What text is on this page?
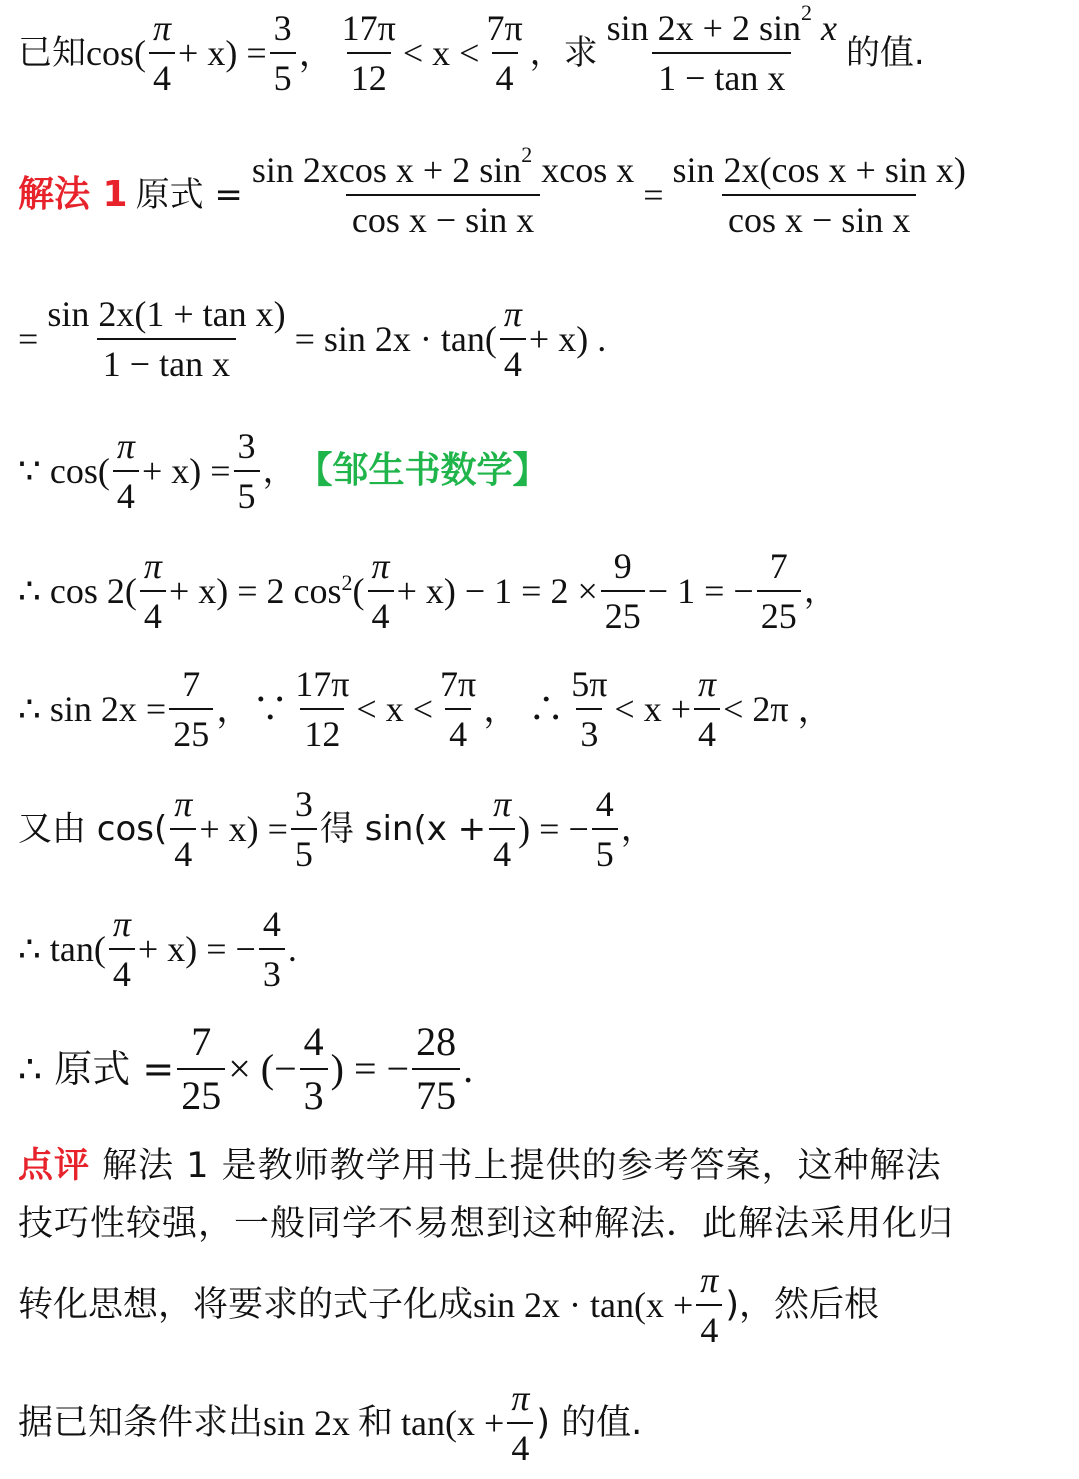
已知 $\cos( \frac{\pi}{4} + x) = \frac{3}{5}$ ， $\frac{17\pi}{12} < x < \frac{7\pi}{4}$ ，求 $\frac{\sin 2x + 2 \sin^2 x}{\text{1 − tan x}}$ 的值.
解法 1 原式 = $\frac{\sin 2xcos x + 2 \sin^2 xcos x}{\text{cos x − sin x}} = \frac{\text{sin 2x(cos x + sin x)}}{\text{cos x − sin x}}$
= $\frac{\text{sin 2x(1 + tan x)}}{\text{1 − tan x}} = \sin 2x \cdot \tan( \frac{\pi}{4} + x)$ .
∵ $\cos( \frac{\pi}{4} + x) = \frac{3}{5}$ ， 【邹生书数学】
∴ $\cos 2( \frac{\pi}{4} + x) = 2$ $\cos^2$ ( $\frac{\pi}{4} + x) - 1 = 2 \times \frac{9}{25} - 1$ = − $\frac{7}{25}$ ，
∴ $\sin 2x = \frac{7}{25}$ ，∵ $\frac{17\pi}{12} < x < \frac{7\pi}{4}$ ， ∴ $\frac{5\pi}{3} < x + \frac{\pi}{4} < 2\pi$ ，
又由 $\cos( \frac{\pi}{4} + x) = \frac{3}{5}$ 得 $\sin(x + \frac{\pi}{4}$ ) = − $\frac{4}{5}$ ，
∴ $\tan( \frac{\pi}{4} + x)$ = − $\frac{4}{3}$ .
∴ 原式 = $\frac{7}{25}$ × (− $\frac{4}{3}$ ) = − $\frac{28}{75}$ .
点评 解法 1 是教师教学用书上提供的参考答案，这种解法
技巧性较强，一般同学不易想到这种解法．此解法采用化归
转化思想，将要求的式子化成 $\sin 2x \cdot \tan(x + \frac{\pi}{4}$ )，然后根
据已知条件求出 sin 2x 和 $\tan(x + \frac{\pi}{4}$ ) 的值.
